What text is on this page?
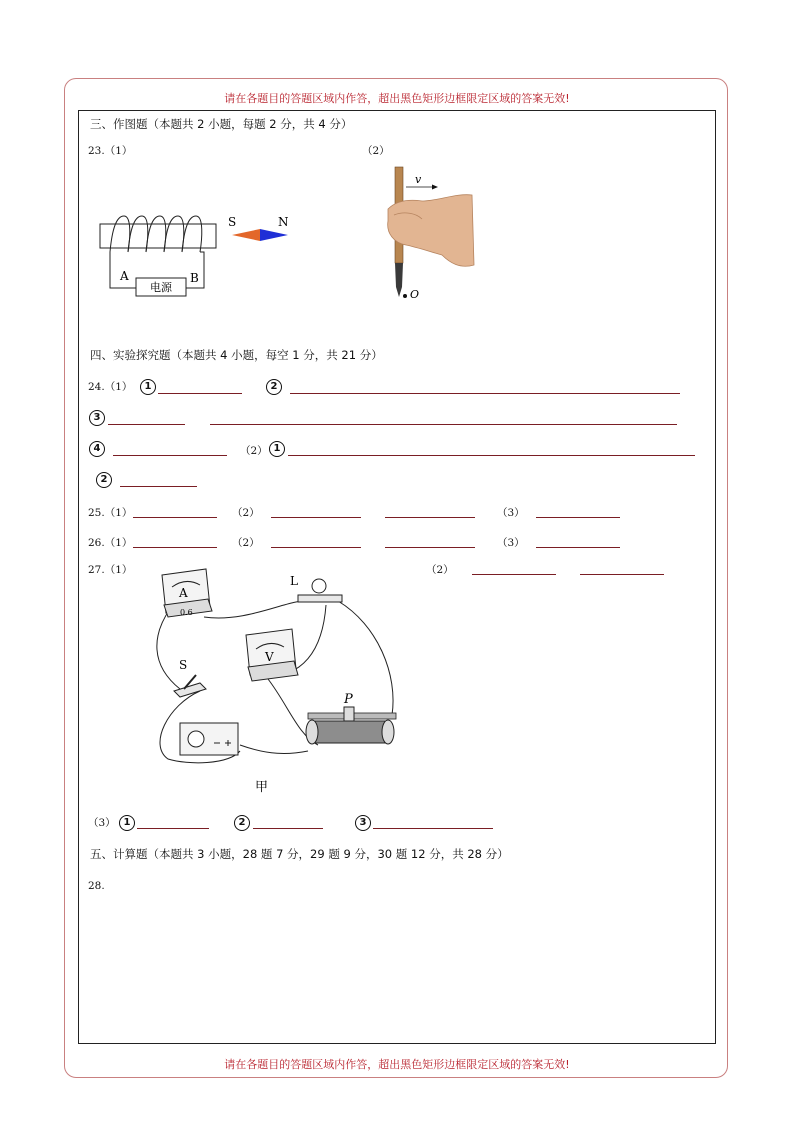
请在各题目的答题区域内作答，超出黑色矩形边框限定区域的答案无效!
请在各题目的答题区域内作答，超出黑色矩形边框限定区域的答案无效!
三、作图题（本题共 2 小题，每题 2 分，共 4 分）
23.（1）	（2）
电源
A	B
S	N
v
O
四、实验探究题（本题共 4 小题，每空 1 分，共 21 分）
24.（1）	1	2
3
4	（2） 1
2
25.（1）	（2）	（3）
26.（1）	（2）	（3）
27.（1）	（2）
A
0.6
L
V
S
P
甲
（3） 1	2	3
五、计算题（本题共 3 小题，28 题 7 分，29 题 9 分，30 题 12 分，共 28 分）
28.
